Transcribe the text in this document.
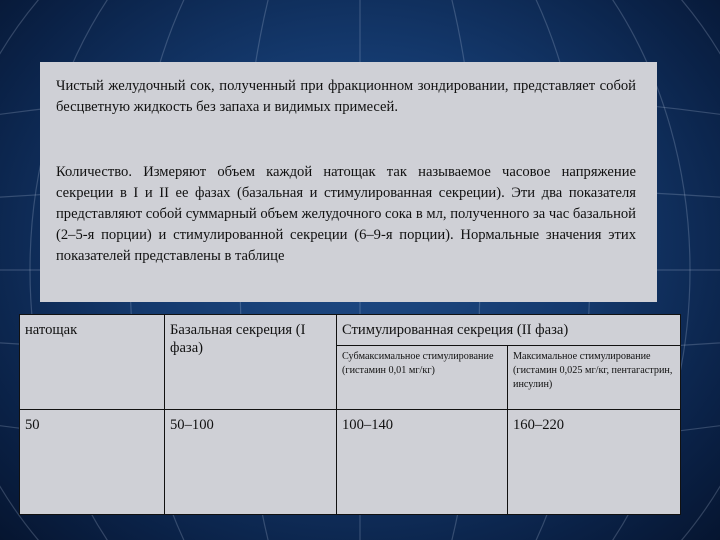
Чистый желудочный сок, полученный при фракционном зондировании, представляет собой бесцветную жидкость без запаха и видимых примесей.

Количество. Измеряют объем каждой натощак так называемое часовое напряжение секреции в I и II ее фазах (базальная и стимулированная секреции). Эти два показателя представляют собой суммарный объем желудочного сока в мл, полученного за час базальной (2–5-я порции) и стимулированной секреции (6–9-я порции). Нормальные значения этих показателей представлены в таблице

натощак	Базальная секреция (I фаза)	Стимулированная секреция (II фаза)	
		Субмаксимальное стимулирование (гистамин 0,01 мг/кг)	Максимальное стимулирование (гистамин 0,025 мг/кг, пентагастрин, инсулин)
50	50–100	100–140	160–220
